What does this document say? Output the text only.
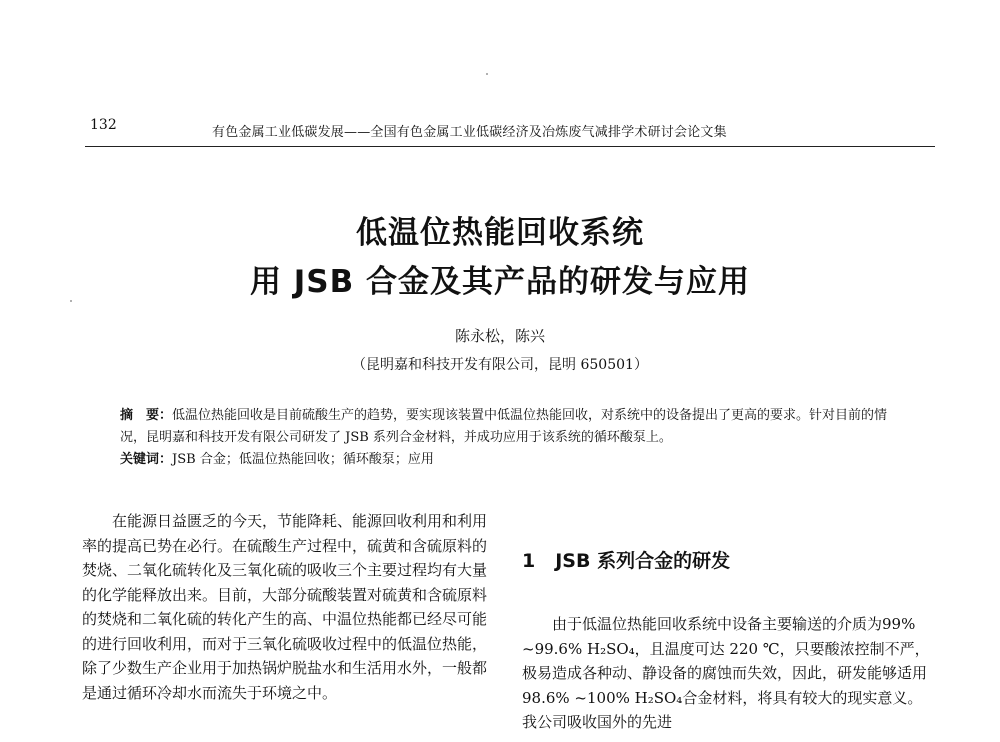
132	有色金属工业低碳发展——全国有色金属工业低碳经济及冶炼废气减排学术研讨会论文集
低温位热能回收系统
用 JSB 合金及其产品的研发与应用
陈永松，陈兴
（昆明嘉和科技开发有限公司，昆明 650501）
摘　要：低温位热能回收是目前硫酸生产的趋势，要实现该装置中低温位热能回收，对系统中的设备提出了更高的要求。针对目前的情况，昆明嘉和科技开发有限公司研发了 JSB 系列合金材料，并成功应用于该系统的循环酸泵上。
关键词：JSB 合金；低温位热能回收；循环酸泵；应用
在能源日益匮乏的今天，节能降耗、能源回收利用和利用率的提高已势在必行。在硫酸生产过程中，硫黄和含硫原料的焚烧、二氧化硫转化及三氧化硫的吸收三个主要过程均有大量的化学能释放出来。目前，大部分硫酸装置对硫黄和含硫原料的焚烧和二氧化硫的转化产生的高、中温位热能都已经尽可能的进行回收利用，而对于三氧化硫吸收过程中的低温位热能，除了少数生产企业用于加热锅炉脱盐水和生活用水外，一般都是通过循环冷却水而流失于环境之中。
1 JSB 系列合金的研发
由于低温位热能回收系统中设备主要输送的介质为99% ~99.6% H₂SO₄，且温度可达 220 ℃，只要酸浓控制不严，极易造成各种动、静设备的腐蚀而失效，因此，研发能够适用98.6% ~100% H₂SO₄合金材料，将具有较大的现实意义。我公司吸收国外的先进
